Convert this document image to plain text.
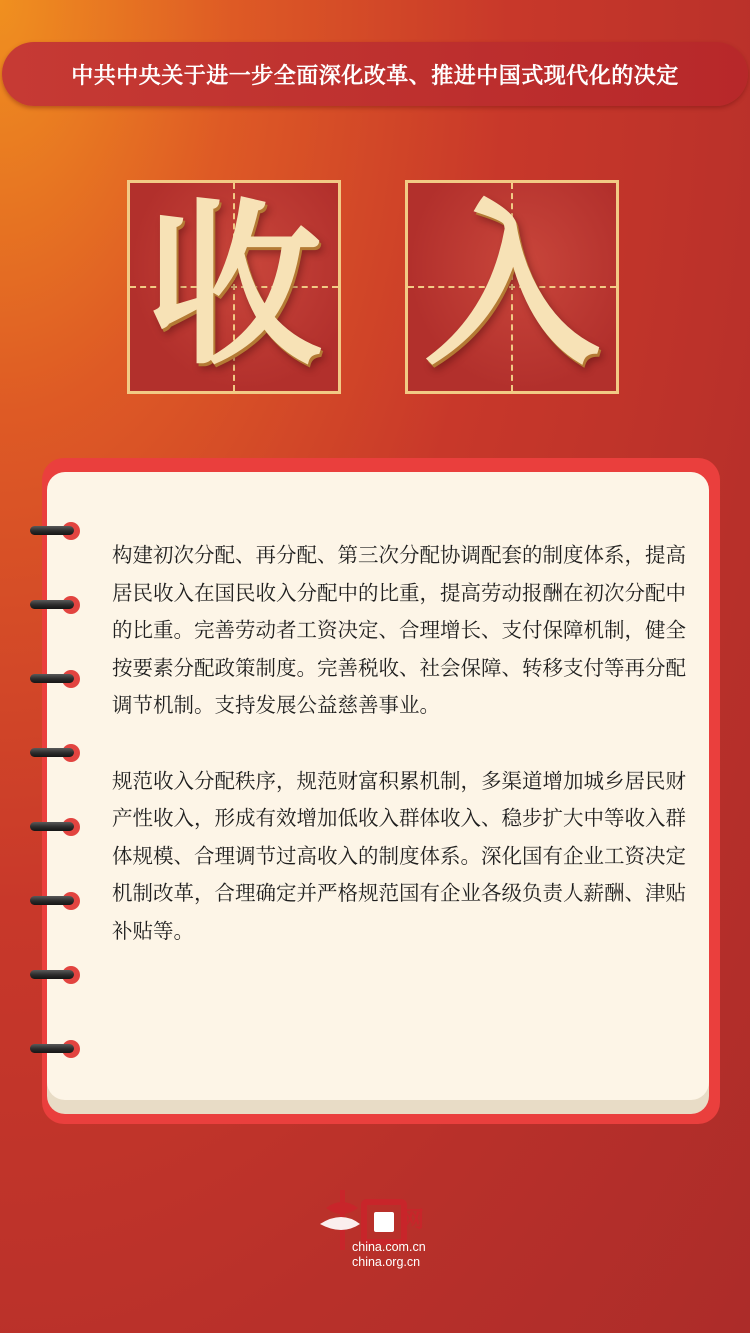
中共中央关于进一步全面深化改革、推进中国式现代化的决定
收 入

构建初次分配、再分配、第三次分配协调配套的制度体系，提高居民收入在国民收入分配中的比重，提高劳动报酬在初次分配中的比重。完善劳动者工资决定、合理增长、支付保障机制，健全按要素分配政策制度。完善税收、社会保障、转移支付等再分配调节机制。支持发展公益慈善事业。

规范收入分配秩序，规范财富积累机制，多渠道增加城乡居民财产性收入，形成有效增加低收入群体收入、稳步扩大中等收入群体规模、合理调节过高收入的制度体系。深化国有企业工资决定机制改革，合理确定并严格规范国有企业各级负责人薪酬、津贴补贴等。

网
china.com.cn
china.org.cn
